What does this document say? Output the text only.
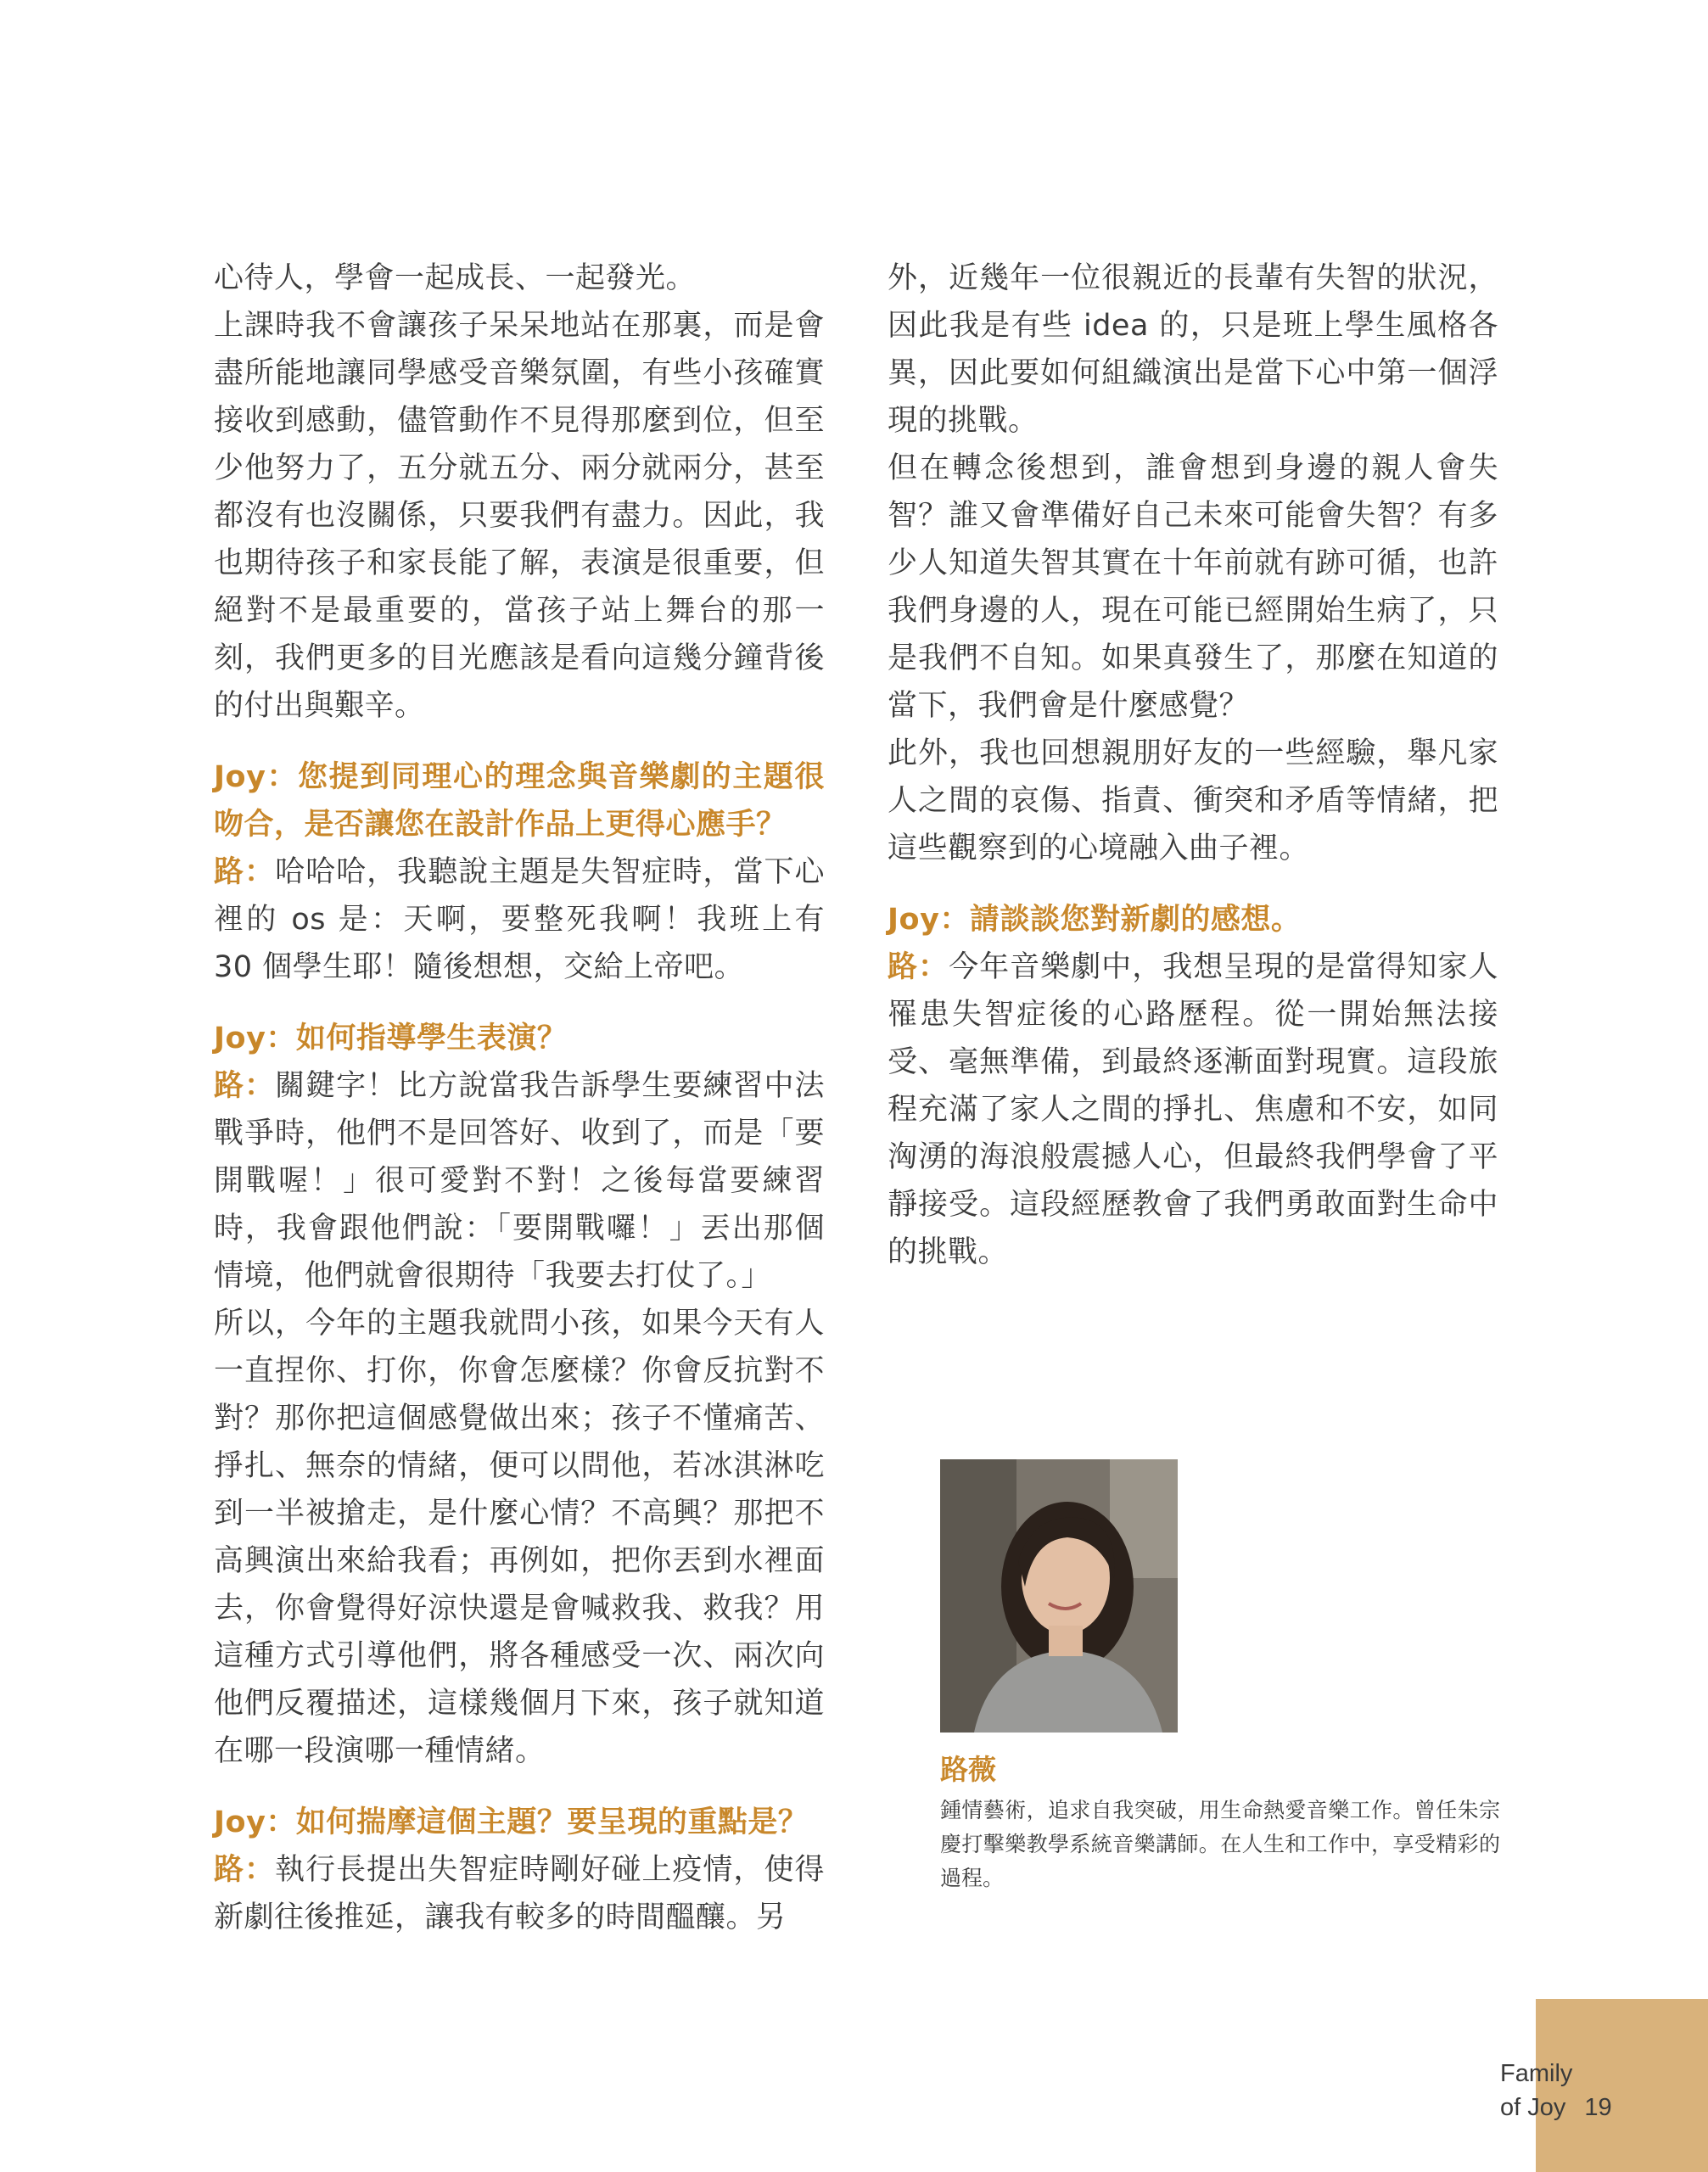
心待人，學會一起成長、一起發光。

上課時我不會讓孩子呆呆地站在那裏，而是會盡所能地讓同學感受音樂氛圍，有些小孩確實接收到感動，儘管動作不見得那麼到位，但至少他努力了，五分就五分、兩分就兩分，甚至都沒有也沒關係，只要我們有盡力。因此，我也期待孩子和家長能了解，表演是很重要，但絕對不是最重要的，當孩子站上舞台的那一刻，我們更多的目光應該是看向這幾分鐘背後的付出與艱辛。

Joy：您提到同理心的理念與音樂劇的主題很吻合，是否讓您在設計作品上更得心應手？

路：哈哈哈，我聽說主題是失智症時，當下心裡的 os 是：天啊，要整死我啊！我班上有 30 個學生耶！隨後想想，交給上帝吧。

Joy：如何指導學生表演？

路：關鍵字！比方說當我告訴學生要練習中法戰爭時，他們不是回答好、收到了，而是「要開戰喔！」很可愛對不對！之後每當要練習時，我會跟他們說：「要開戰囉！」丟出那個情境，他們就會很期待「我要去打仗了。」

所以，今年的主題我就問小孩，如果今天有人一直捏你、打你，你會怎麼樣？你會反抗對不對？那你把這個感覺做出來；孩子不懂痛苦、掙扎、無奈的情緒，便可以問他，若冰淇淋吃到一半被搶走，是什麼心情？不高興？那把不高興演出來給我看；再例如，把你丟到水裡面去，你會覺得好涼快還是會喊救我、救我？用這種方式引導他們，將各種感受一次、兩次向他們反覆描述，這樣幾個月下來，孩子就知道在哪一段演哪一種情緒。

Joy：如何揣摩這個主題？要呈現的重點是？

路：執行長提出失智症時剛好碰上疫情，使得新劇往後推延，讓我有較多的時間醞釀。另

外，近幾年一位很親近的長輩有失智的狀況，因此我是有些 idea 的，只是班上學生風格各異，因此要如何組織演出是當下心中第一個浮現的挑戰。

但在轉念後想到，誰會想到身邊的親人會失智？誰又會準備好自己未來可能會失智？有多少人知道失智其實在十年前就有跡可循，也許我們身邊的人，現在可能已經開始生病了，只是我們不自知。如果真發生了，那麼在知道的當下，我們會是什麼感覺？

此外，我也回想親朋好友的一些經驗，舉凡家人之間的哀傷、指責、衝突和矛盾等情緒，把這些觀察到的心境融入曲子裡。

Joy：請談談您對新劇的感想。

路：今年音樂劇中，我想呈現的是當得知家人罹患失智症後的心路歷程。從一開始無法接受、毫無準備，到最終逐漸面對現實。這段旅程充滿了家人之間的掙扎、焦慮和不安，如同洶湧的海浪般震撼人心，但最終我們學會了平靜接受。這段經歷教會了我們勇敢面對生命中的挑戰。

路薇

鍾情藝術，追求自我突破，用生命熱愛音樂工作。曾任朱宗慶打擊樂教學系統音樂講師。在人生和工作中，享受精彩的過程。

Family
of Joy 19
